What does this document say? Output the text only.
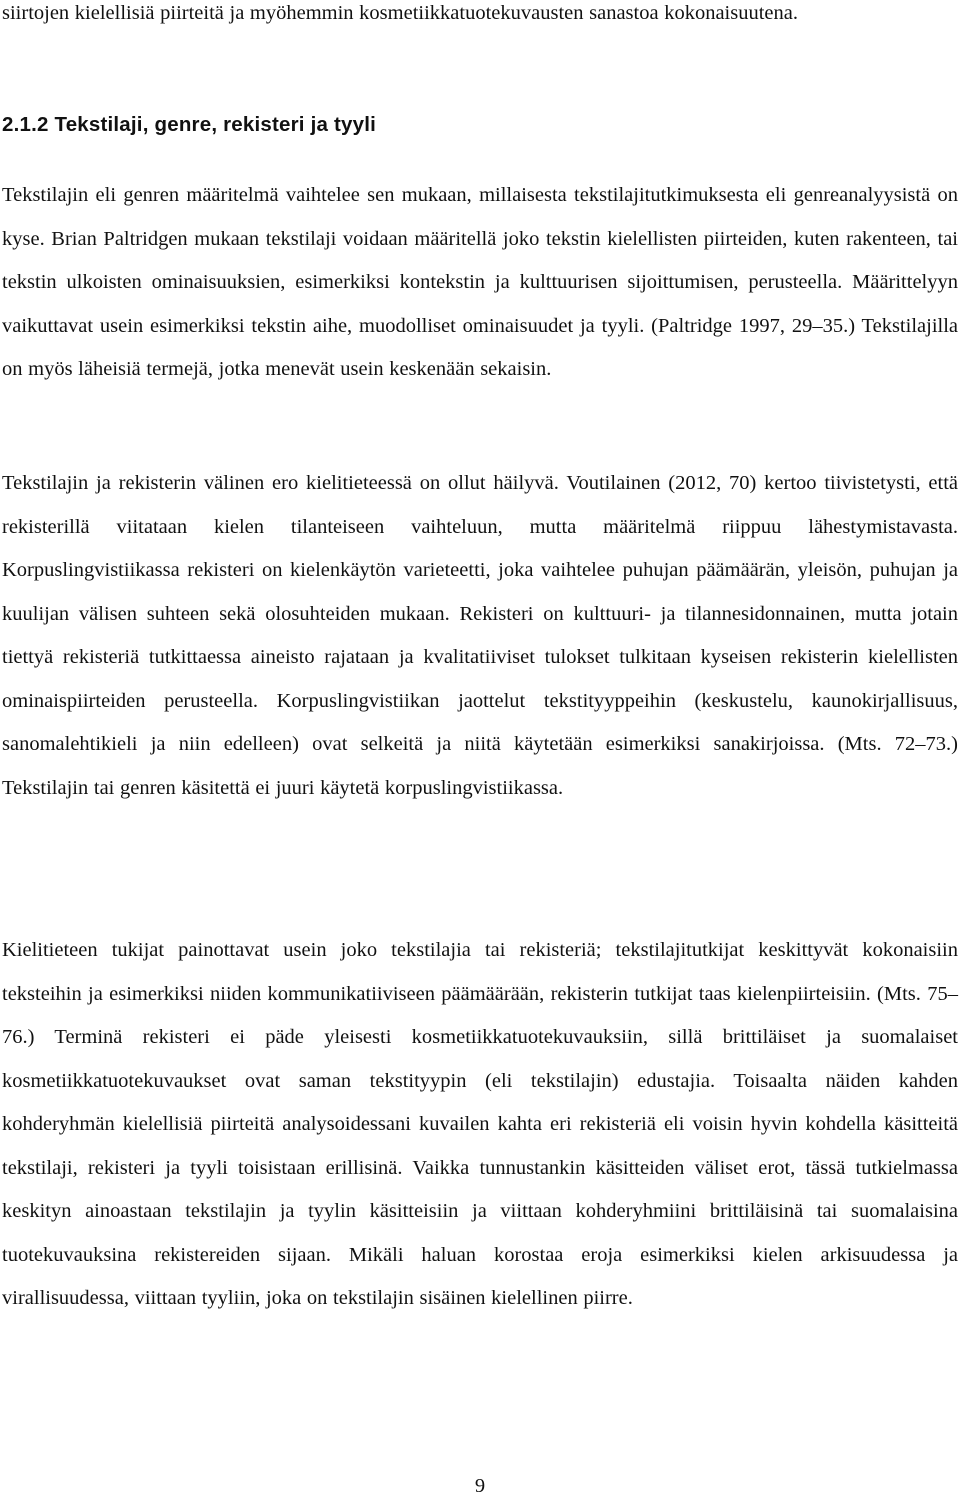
siirtojen kielellisiä piirteitä ja myöhemmin kosmetiikkatuotekuvausten sanastoa kokonaisuutena.

2.1.2 Tekstilaji, genre, rekisteri ja tyyli

Tekstilajin eli genren määritelmä vaihtelee sen mukaan, millaisesta tekstilajitutkimuksesta eli genreanalyysistä on kyse. Brian Paltridgen mukaan tekstilaji voidaan määritellä joko tekstin kielellisten piirteiden, kuten rakenteen, tai tekstin ulkoisten ominaisuuksien, esimerkiksi kontekstin ja kulttuurisen sijoittumisen, perusteella. Määrittelyyn vaikuttavat usein esimerkiksi tekstin aihe, muodolliset ominaisuudet ja tyyli. (Paltridge 1997, 29–35.) Tekstilajilla on myös läheisiä termejä, jotka menevät usein keskenään sekaisin.

Tekstilajin ja rekisterin välinen ero kielitieteessä on ollut häilyvä. Voutilainen (2012, 70) kertoo tiivistetysti, että rekisterillä viitataan kielen tilanteiseen vaihteluun, mutta määritelmä riippuu lähestymistavasta. Korpuslingvistiikassa rekisteri on kielenkäytön varieteetti, joka vaihtelee puhujan päämäärän, yleisön, puhujan ja kuulijan välisen suhteen sekä olosuhteiden mukaan. Rekisteri on kulttuuri- ja tilannesidonnainen, mutta jotain tiettyä rekisteriä tutkittaessa aineisto rajataan ja kvalitatiiviset tulokset tulkitaan kyseisen rekisterin kielellisten ominaispiirteiden perusteella. Korpuslingvistiikan jaottelut tekstityyppeihin (keskustelu, kaunokirjallisuus, sanomalehtikieli ja niin edelleen) ovat selkeitä ja niitä käytetään esimerkiksi sanakirjoissa. (Mts. 72–73.) Tekstilajin tai genren käsitettä ei juuri käytetä korpuslingvistiikassa.

Kielitieteen tukijat painottavat usein joko tekstilajia tai rekisteriä; tekstilajitutkijat keskittyvät kokonaisiin teksteihin ja esimerkiksi niiden kommunikatiiviseen päämäärään, rekisterin tutkijat taas kielenpiirteisiin. (Mts. 75–76.) Terminä rekisteri ei päde yleisesti kosmetiikkatuotekuvauksiin, sillä brittiläiset ja suomalaiset kosmetiikkatuotekuvaukset ovat saman tekstityypin (eli tekstilajin) edustajia. Toisaalta näiden kahden kohderyhmän kielellisiä piirteitä analysoidessani kuvailen kahta eri rekisteriä eli voisin hyvin kohdella käsitteitä tekstilaji, rekisteri ja tyyli toisistaan erillisinä. Vaikka tunnustankin käsitteiden väliset erot, tässä tutkielmassa keskityn ainoastaan tekstilajin ja tyylin käsitteisiin ja viittaan kohderyhmiini brittiläisinä tai suomalaisina tuotekuvauksina rekistereiden sijaan. Mikäli haluan korostaa eroja esimerkiksi kielen arkisuudessa ja virallisuudessa, viittaan tyyliin, joka on tekstilajin sisäinen kielellinen piirre.

9
